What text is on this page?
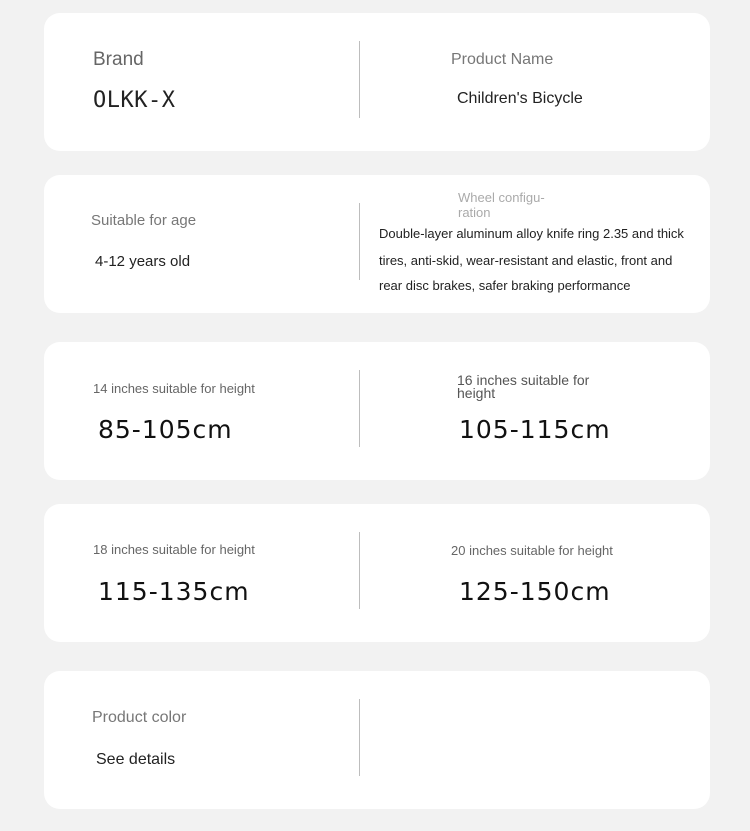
Brand
OLKK-X
Product Name
Children's Bicycle
Suitable for age
4-12 years old
Wheel configu-
ration
Double-layer aluminum alloy knife ring 2.35 and thick
tires, anti-skid, wear-resistant and elastic, front and
rear disc brakes, safer braking performance
14 inches suitable for height
85-105cm
16 inches suitable for height
105-115cm
18 inches suitable for height
115-135cm
20 inches suitable for height
125-150cm
Product color
See details
